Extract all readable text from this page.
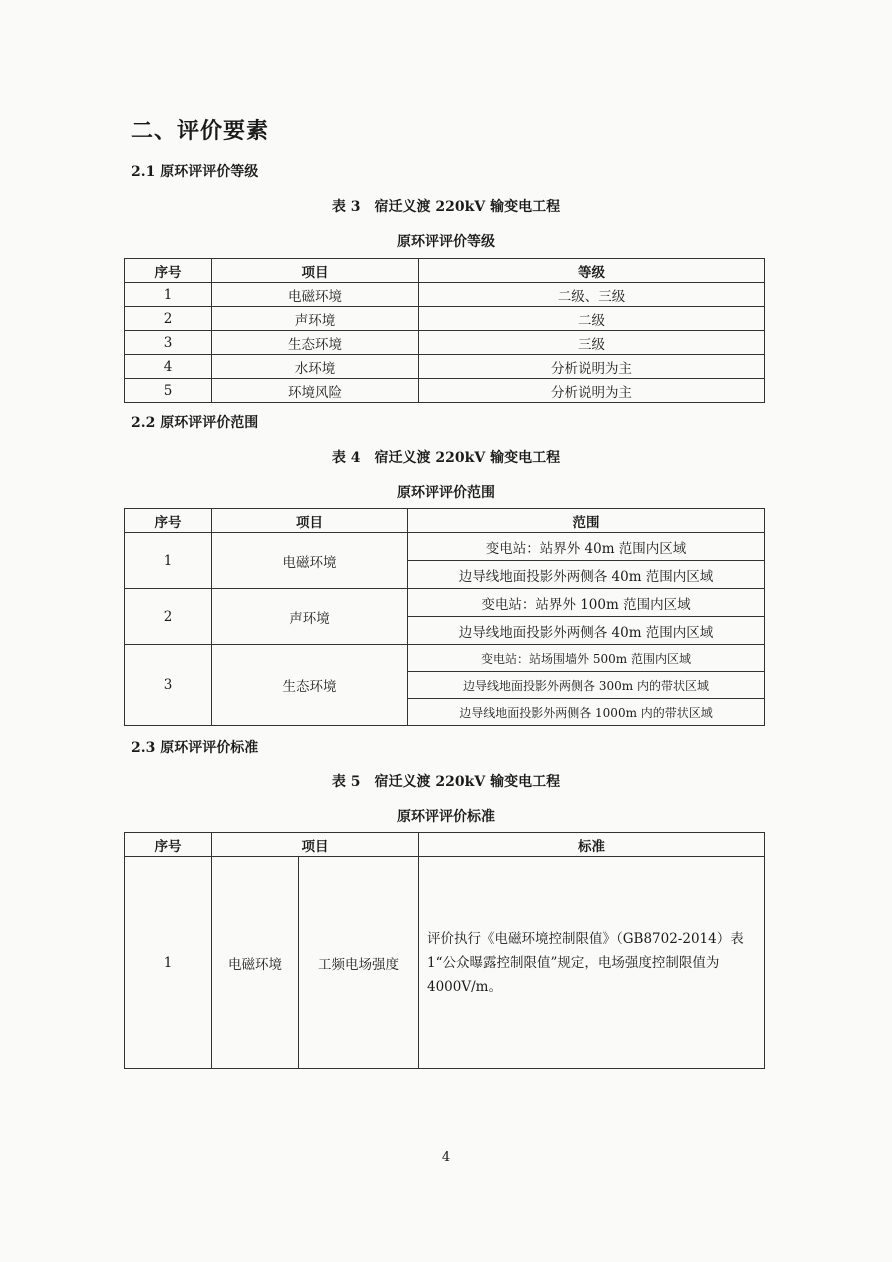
二、评价要素
2.1 原环评评价等级
表 3　宿迁义渡 220kV 输变电工程
原环评评价等级
序号	项目	等级
1	电磁环境	二级、三级
2	声环境	二级
3	生态环境	三级
4	水环境	分析说明为主
5	环境风险	分析说明为主
2.2 原环评评价范围
表 4　宿迁义渡 220kV 输变电工程
原环评评价范围
序号	项目	范围
1	电磁环境	变电站：站界外 40m 范围内区域
		边导线地面投影外两侧各 40m 范围内区域
2	声环境	变电站：站界外 100m 范围内区域
		边导线地面投影外两侧各 40m 范围内区域
3	生态环境	变电站：站场围墙外 500m 范围内区域
		边导线地面投影外两侧各 300m 内的带状区域
		边导线地面投影外两侧各 1000m 内的带状区域
2.3 原环评评价标准
表 5　宿迁义渡 220kV 输变电工程
原环评评价标准
序号	项目		标准
1	电磁环境	工频电场强度	评价执行《电磁环境控制限值》（GB8702-2014）表 1“公众曝露控制限值”规定，电场强度控制限值为 4000V/m。
4
